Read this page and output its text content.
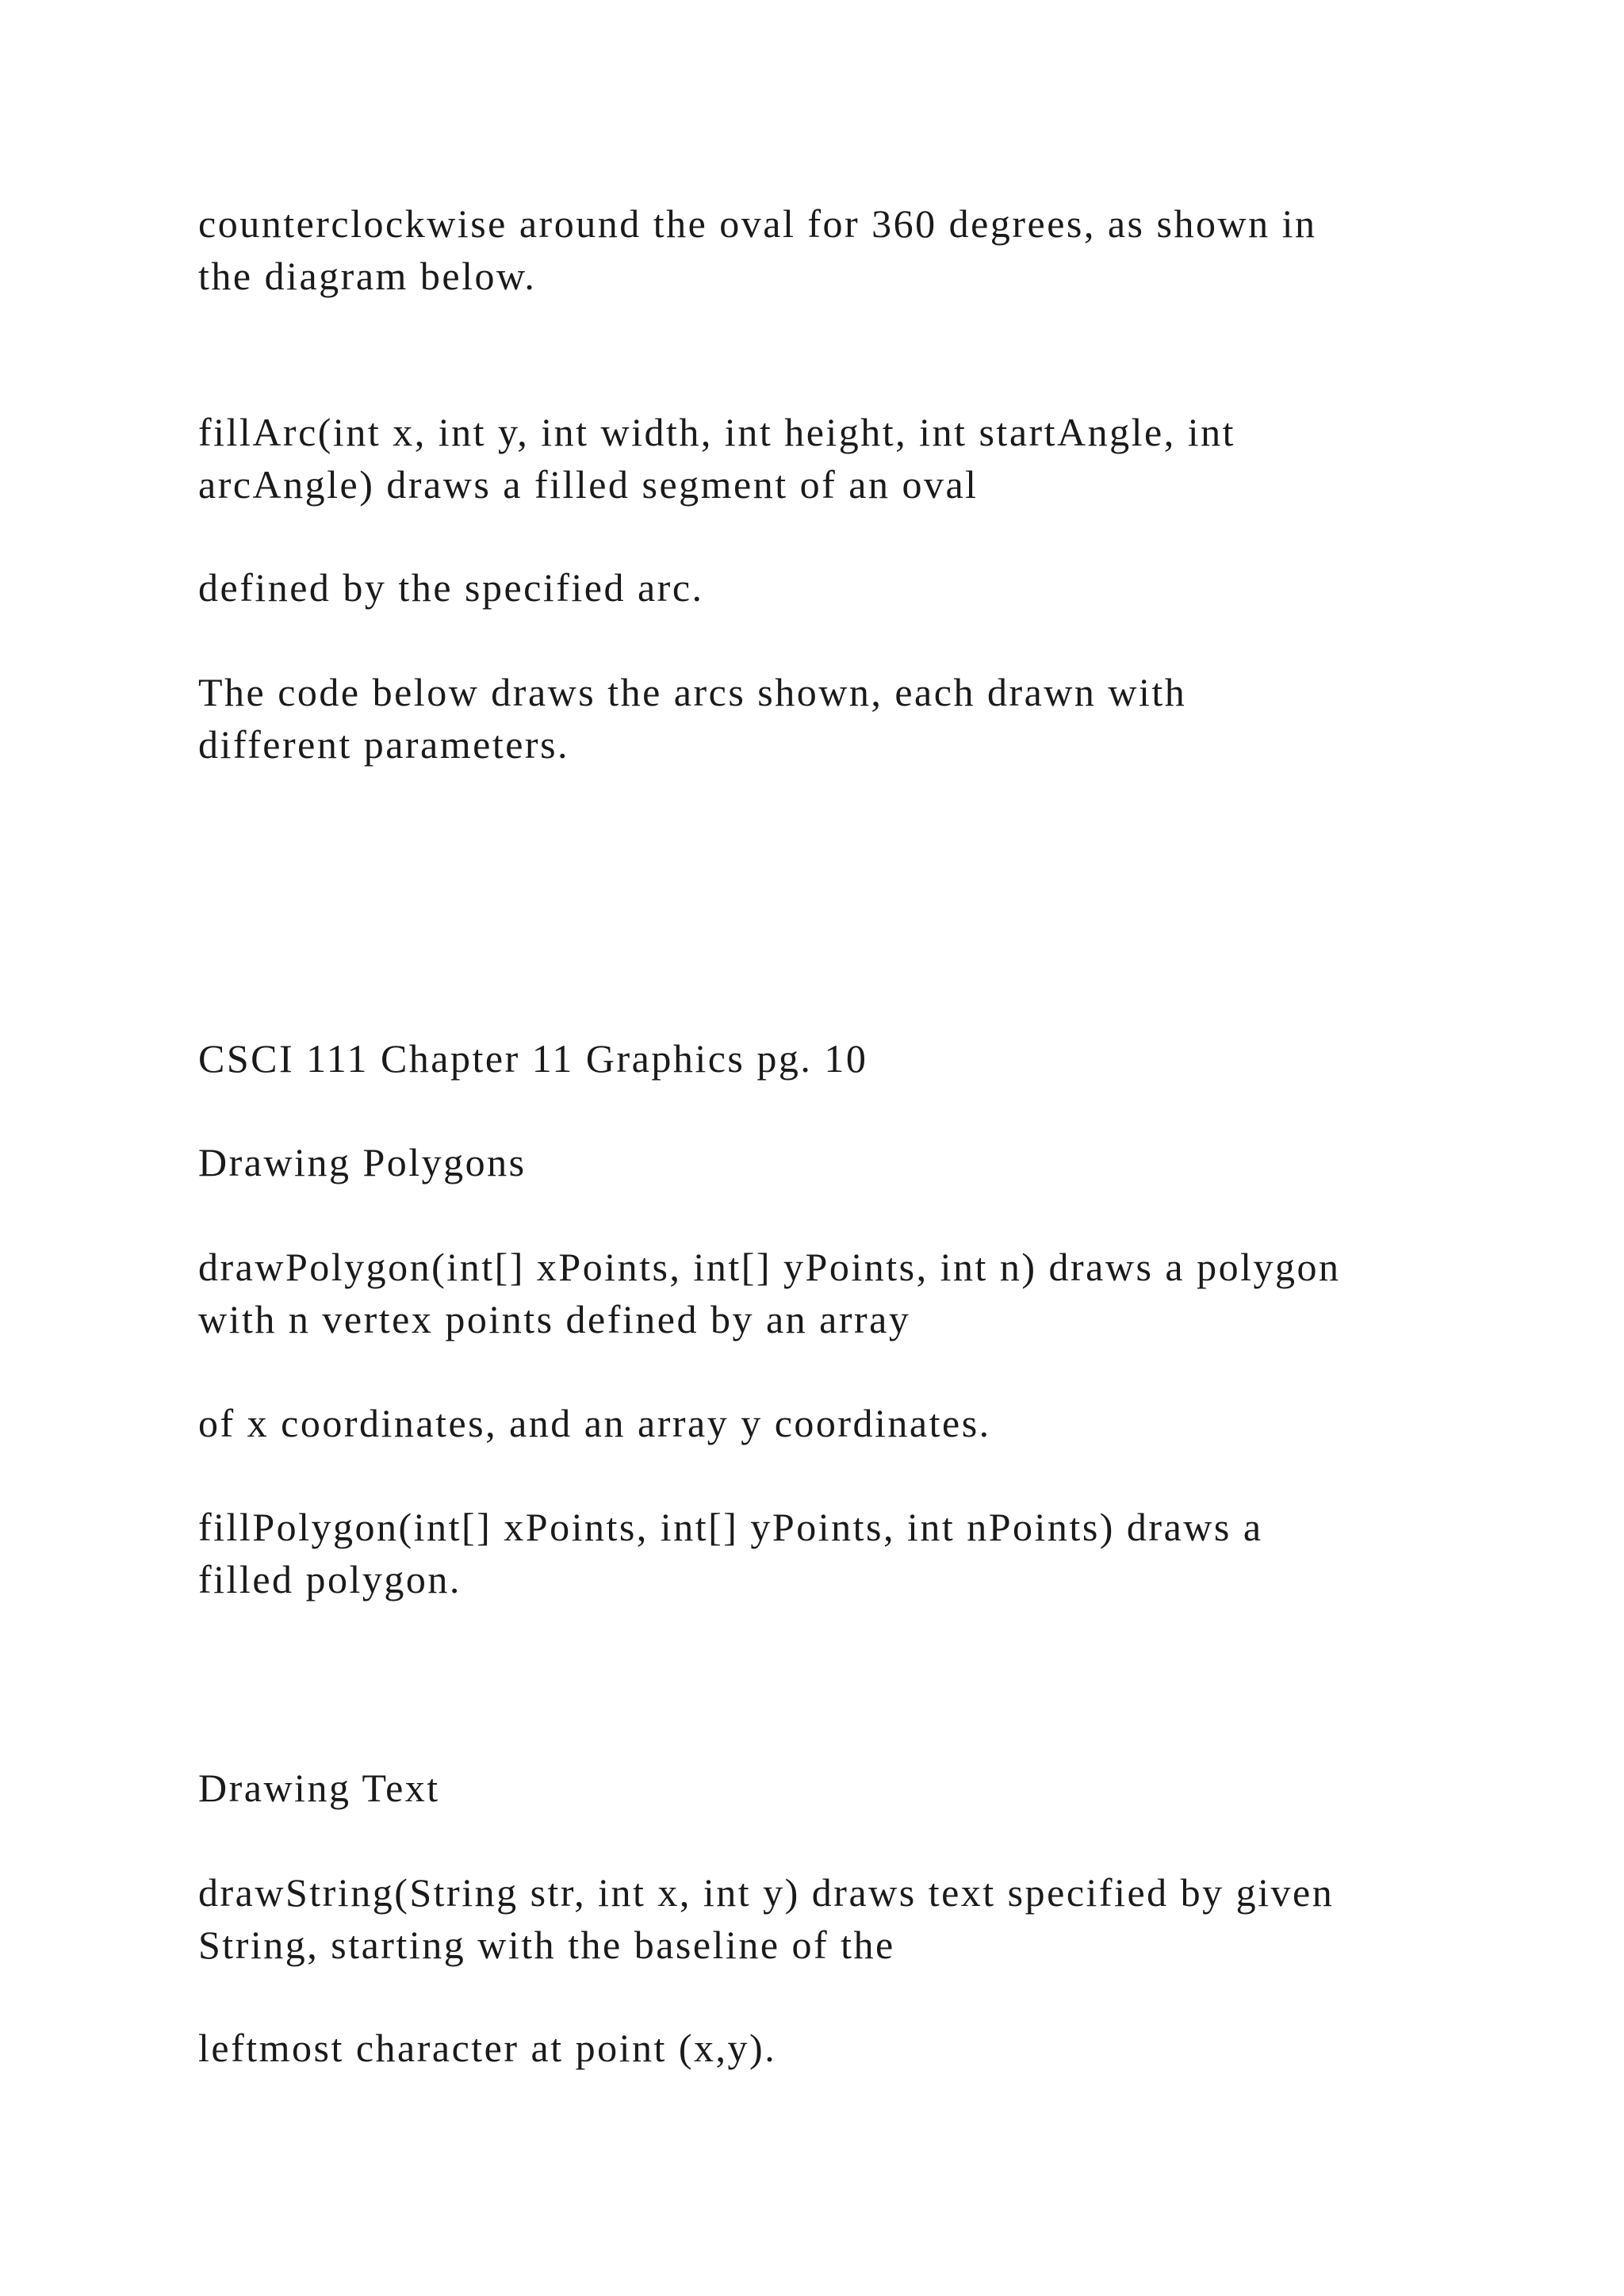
counterclockwise around the oval for 360 degrees, as shown in

the diagram below.

fillArc(int x, int y, int width, int height, int startAngle, int

arcAngle) draws a filled segment of an oval

defined by the specified arc.

The code below draws the arcs shown, each drawn with

different parameters.

CSCI 111 Chapter 11 Graphics pg. 10

Drawing Polygons

drawPolygon(int[] xPoints, int[] yPoints, int n) draws a polygon

with n vertex points defined by an array

of x coordinates, and an array y coordinates.

fillPolygon(int[] xPoints, int[] yPoints, int nPoints) draws a

filled polygon.

Drawing Text

drawString(String str, int x, int y) draws text specified by given

String, starting with the baseline of the

leftmost character at point (x,y).
